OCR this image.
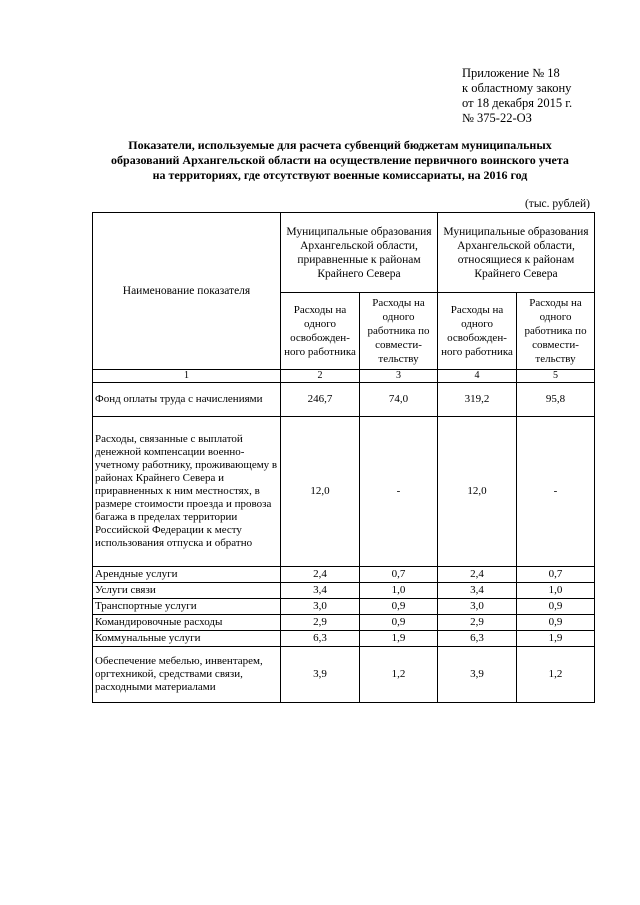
Приложение № 18
к областному закону
от 18 декабря 2015 г.
№ 375-22-ОЗ
Показатели, используемые для расчета субвенций бюджетам муниципальных
образований Архангельской области на осуществление первичного воинского учета
на территориях, где отсутствуют военные комиссариаты, на 2016 год
(тыс. рублей)
Наименование показателя	Муниципальные образования Архангельской области, приравненные к районам Крайнего Севера		Муниципальные образования Архангельской области, относящиеся к районам Крайнего Севера	
	Расходы на одного освобожден-ного работника	Расходы на одного работника по совмести-тельству	Расходы на одного освобожден-ного работника	Расходы на одного работника по совмести-тельству
1	2	3	4	5
Фонд оплаты труда с начислениями	246,7	74,0	319,2	95,8
Расходы, связанные с выплатой денежной компенсации военно-учетному работнику, проживающему в районах Крайнего Севера и приравненных к ним местностях, в размере стоимости проезда и провоза багажа в пределах территории Российской Федерации к месту использования отпуска и обратно	12,0	-	12,0	-
Арендные услуги	2,4	0,7	2,4	0,7
Услуги связи	3,4	1,0	3,4	1,0
Транспортные услуги	3,0	0,9	3,0	0,9
Командировочные расходы	2,9	0,9	2,9	0,9
Коммунальные услуги	6,3	1,9	6,3	1,9
Обеспечение мебелью, инвентарем, оргтехникой, средствами связи, расходными материалами	3,9	1,2	3,9	1,2
